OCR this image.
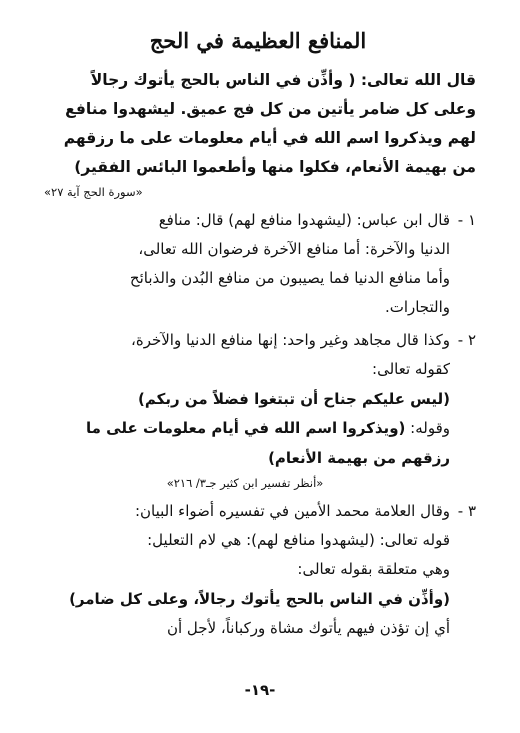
المنافع العظيمة في الحج
قال الله تعالى: ( وأذِّن في الناس بالحج يأتوك رجالاً
وعلى كل ضامر يأتين من كل فج عميق. ليشهدوا منافع
لهم ويذكروا اسم الله في أيام معلومات على ما رزقهم
من بهيمة الأنعام، فكلوا منها وأطعموا البائس الفقير)
«سورة الحج آية ٢٧»
١ -
قال ابن عباس: (ليشهدوا منافع لهم) قال: منافع
الدنيا والآخرة: أما منافع الآخرة فرضوان الله تعالى،
وأما منافع الدنيا فما يصيبون من منافع البُدن والذبائح
والتجارات.
٢ -
وكذا قال مجاهد وغير واحد: إنها منافع الدنيا والآخرة،
كقوله تعالى:
(ليس عليكم جناح أن تبتغوا فضلاً من ربكم)
وقوله: (ويذكروا اسم الله في أيام معلومات على ما
رزقهم من بهيمة الأنعام)
«أنظر تفسير ابن كثير جـ٣/ ٢١٦»
٣ -
وقال العلامة محمد الأمين في تفسيره أضواء البيان:
قوله تعالى: (ليشهدوا منافع لهم): هي لام التعليل:
وهي متعلقة بقوله تعالى:
(وأذِّن في الناس بالحج يأتوك رجالاً، وعلى كل ضامر)
أي إن تؤذن فيهم يأتوك مشاة وركباناً، لأجل أن
-١٩-
